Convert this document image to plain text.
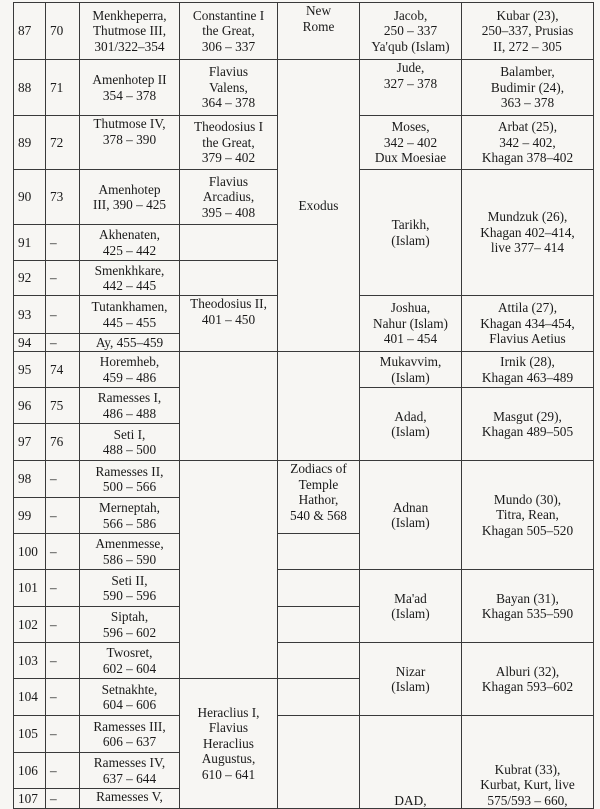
87	70	Menkheperra,
Thutmose III,
301/322–354	Constantine I
the Great,
306 – 337	New
Rome	Jacob,
250 – 337
Ya'qub (Islam)	Kubar (23),
250–337, Prusias
II, 272 – 305

88	71	Amenhotep II
354 – 378	Flavius
Valens,
364 – 378	Exodus	Jude,
327 – 378	Balamber,
Budimir (24),
363 – 378

89	72	Thutmose IV,
378 – 390	Theodosius I
the Great,
379 – 402		Moses,
342 – 402
Dux Moesiae	Arbat (25),
342 – 402,
Khagan 378–402

90	73	Amenhotep
III, 390 – 425	Flavius
Arcadius,
395 – 408		Tarikh,
(Islam)	Mundzuk (26),
Khagan 402–414,
live 377– 414

91	–	Akhenaten,
425 – 442				

92	–	Smenkhkare,
442 – 445				

93	–	Tutankhamen,
445 – 455	Theodosius II,
401 – 450		Joshua,
Nahur (Islam)
401 – 454	Attila (27),
Khagan 434–454,
Flavius Aetius

94	–	Ay, 455–459				

95	74	Horemheb,
459 – 486			Mukavvim,
(Islam)	Irnik (28),
Khagan 463–489

96	75	Ramesses I,
486 – 488			Adad,
(Islam)	Masgut (29),
Khagan 489–505

97	76	Seti I,
488 – 500				

98	–	Ramesses II,
500 – 566		Zodiacs of
Temple
Hathor,
540 & 568	Adnan
(Islam)	Mundo (30),
Titra, Rean,
Khagan 505–520

99	–	Merneptah,
566 – 586				

100	–	Amenmesse,
586 – 590				

101	–	Seti II,
590 – 596			Ma'ad
(Islam)	Bayan (31),
Khagan 535–590

102	–	Siptah,
596 – 602				

103	–	Twosret,
602 – 604			Nizar
(Islam)	Alburi (32),
Khagan 593–602

104	–	Setnakhte,
604 – 606	Heraclius I,
Flavius
Heraclius
Augustus,
610 – 641			

105	–	Ramesses III,
606 – 637			DAD,	Kubrat (33),
Kurbat, Kurt, live
575/593 – 660,

106	–	Ramesses IV,
637 – 644				

107	–	Ramesses V,				
